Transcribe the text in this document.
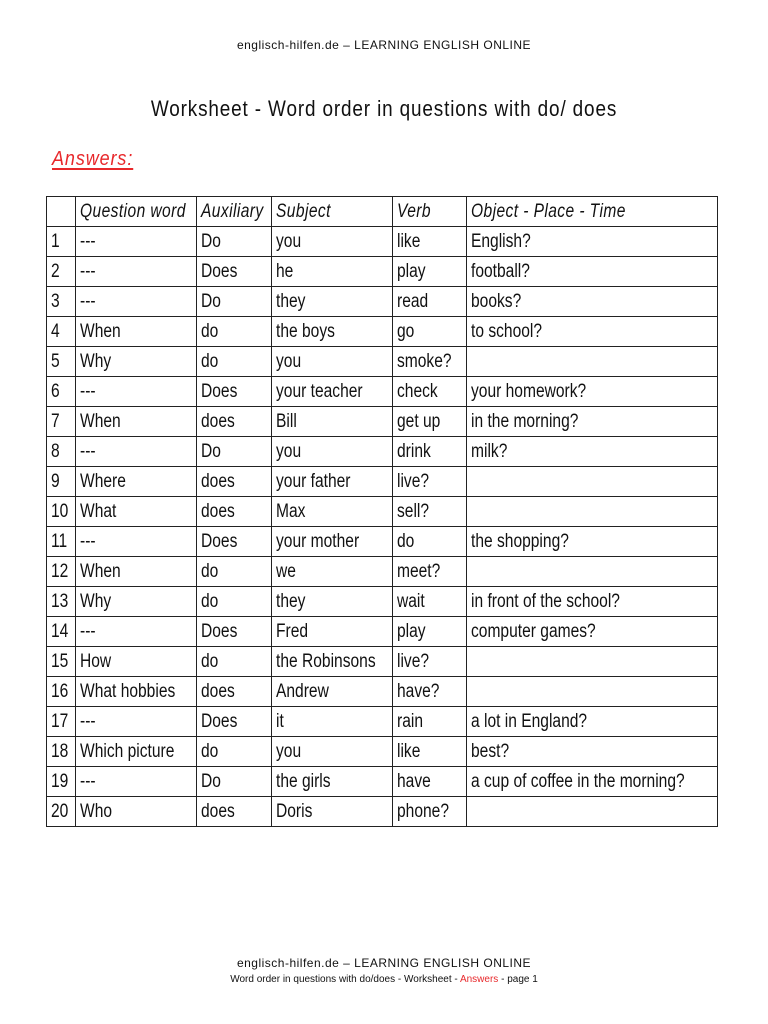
englisch-hilfen.de – LEARNING ENGLISH ONLINE
Worksheet - Word order in questions with do/ does
Answers:
	Question word	Auxiliary	Subject	Verb	Object - Place - Time
1	---	Do	you	like	English?
2	---	Does	he	play	football?
3	---	Do	they	read	books?
4	When	do	the boys	go	to school?
5	Why	do	you	smoke?	
6	---	Does	your teacher	check	your homework?
7	When	does	Bill	get up	in the morning?
8	---	Do	you	drink	milk?
9	Where	does	your father	live?	
10	What	does	Max	sell?	
11	---	Does	your mother	do	the shopping?
12	When	do	we	meet?	
13	Why	do	they	wait	in front of the school?
14	---	Does	Fred	play	computer games?
15	How	do	the Robinsons	live?	
16	What hobbies	does	Andrew	have?	
17	---	Does	it	rain	a lot in England?
18	Which picture	do	you	like	best?
19	---	Do	the girls	have	a cup of coffee in the morning?
20	Who	does	Doris	phone?	
englisch-hilfen.de – LEARNING ENGLISH ONLINE
Word order in questions with do/does - Worksheet - Answers - page 1
